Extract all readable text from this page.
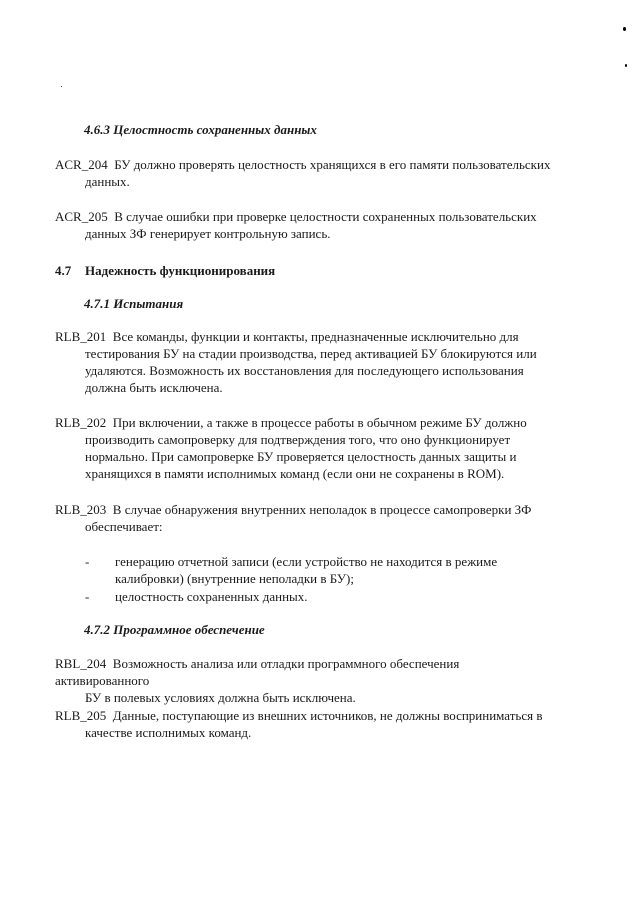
4.6.3 Целостность сохраненных данных
ACR_204 БУ должно проверять целостность хранящихся в его памяти пользовательских
данных.
ACR_205 В случае ошибки при проверке целостности сохраненных пользовательских
данных ЗФ генерирует контрольную запись.
4.7 Надежность функционирования
4.7.1 Испытания
RLB_201 Все команды, функции и контакты, предназначенные исключительно для
тестирования БУ на стадии производства, перед активацией БУ блокируются или
удаляются. Возможность их восстановления для последующего использования
должна быть исключена.
RLB_202 При включении, а также в процессе работы в обычном режиме БУ должно
производить самопроверку для подтверждения того, что оно функционирует
нормально. При самопроверке БУ проверяется целостность данных защиты и
хранящихся в памяти исполнимых команд (если они не сохранены в ROM).
RLB_203 В случае обнаружения внутренних неполадок в процессе самопроверки ЗФ
обеспечивает:
- генерацию отчетной записи (если устройство не находится в режиме
калибровки) (внутренние неполадки в БУ);
- целостность сохраненных данных.
4.7.2 Программное обеспечение
RBL_204 Возможность анализа или отладки программного обеспечения активированного
БУ в полевых условиях должна быть исключена.
RLB_205 Данные, поступающие из внешних источников, не должны восприниматься в
качестве исполнимых команд.
